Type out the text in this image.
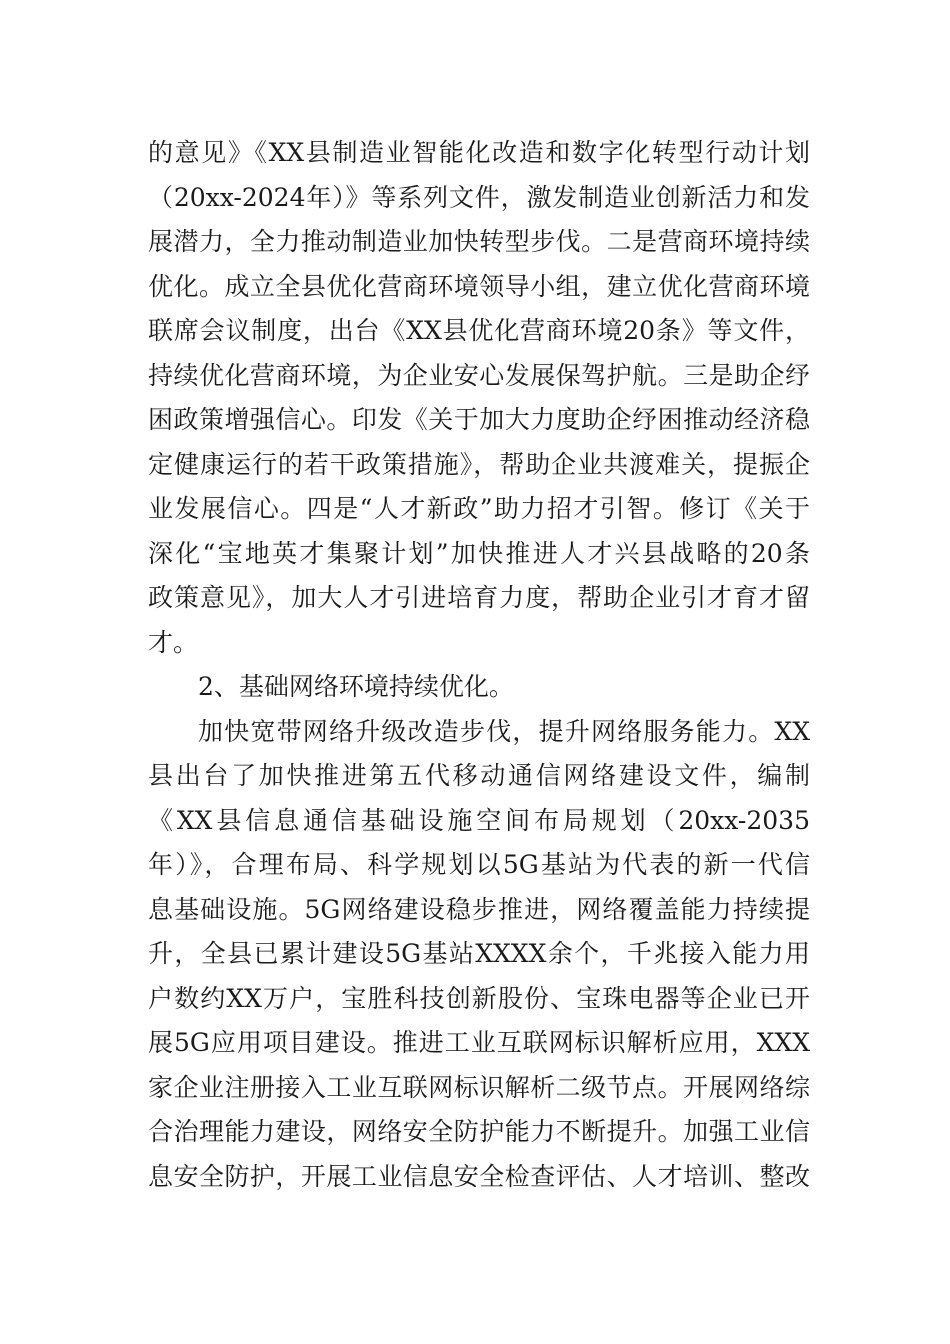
的意见》《XX县制造业智能化改造和数字化转型行动计划
（20xx-2024年）》等系列文件，激发制造业创新活力和发
展潜力，全力推动制造业加快转型步伐。二是营商环境持续
优化。成立全县优化营商环境领导小组，建立优化营商环境
联席会议制度，出台《XX县优化营商环境20条》等文件，
持续优化营商环境，为企业安心发展保驾护航。三是助企纾
困政策增强信心。印发《关于加大力度助企纾困推动经济稳
定健康运行的若干政策措施》，帮助企业共渡难关，提振企
业发展信心。四是“人才新政”助力招才引智。修订《关于
深化“宝地英才集聚计划”加快推进人才兴县战略的20条
政策意见》，加大人才引进培育力度，帮助企业引才育才留
才。
2、基础网络环境持续优化。
加快宽带网络升级改造步伐，提升网络服务能力。XX
县出台了加快推进第五代移动通信网络建设文件，编制
《XX县信息通信基础设施空间布局规划（20xx-2035
年）》，合理布局、科学规划以5G基站为代表的新一代信
息基础设施。5G网络建设稳步推进，网络覆盖能力持续提
升，全县已累计建设5G基站XXXX余个，千兆接入能力用
户数约XX万户，宝胜科技创新股份、宝珠电器等企业已开
展5G应用项目建设。推进工业互联网标识解析应用，XXX
家企业注册接入工业互联网标识解析二级节点。开展网络综
合治理能力建设，网络安全防护能力不断提升。加强工业信
息安全防护，开展工业信息安全检查评估、人才培训、整改
